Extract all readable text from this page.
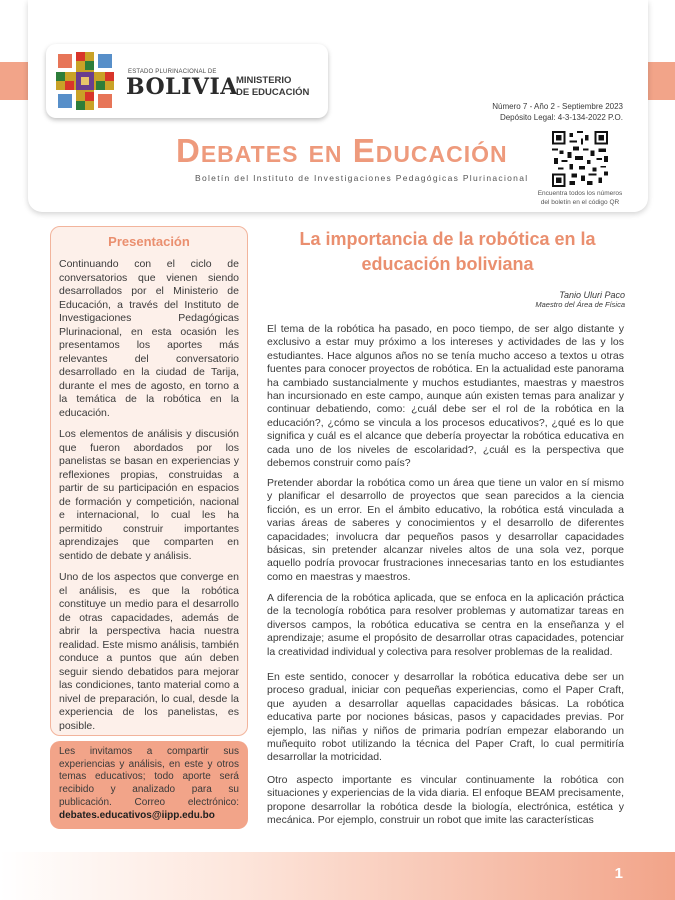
ESTADO PLURINACIONAL DE
BOLIVIA
MINISTERIO
DE EDUCACIÓN
Número 7 - Año 2 - Septiembre 2023
Depósito Legal: 4-3-134-2022 P.O.
Debates en Educación
Boletín del Instituto de Investigaciones Pedagógicas Plurinacional
Encuentra todos los números
del boletín en el código QR
Presentación

Continuando con el ciclo de conversatorios que vienen siendo desarrollados por el Ministerio de Educación, a través del Instituto de Investigaciones Pedagógicas Plurinacional, en esta ocasión les presentamos los aportes más relevantes del conversatorio desarrollado en la ciudad de Tarija, durante el mes de agosto, en torno a la temática de la robótica en la educación.

Los elementos de análisis y discusión que fueron abordados por los panelistas se basan en experiencias y reflexiones propias, construidas a partir de su participación en espacios de formación y competición, nacional e internacional, lo cual les ha permitido construir importantes aprendizajes que comparten en sentido de debate y análisis.

Uno de los aspectos que converge en el análisis, es que la robótica constituye un medio para el desarrollo de otras capacidades, además de abrir la perspectiva hacia nuestra realidad. Este mismo análisis, también conduce a puntos que aún deben seguir siendo debatidos para mejorar las condiciones, tanto material como a nivel de preparación, lo cual, desde la experiencia de los panelistas, es posible.

Les invitamos a compartir sus experiencias y análisis, en este y otros temas educativos; todo aporte será recibido y analizado para su publicación. Correo electrónico: debates.educativos@iipp.edu.bo

La importancia de la robótica en la educación boliviana
Tanio Uluri Paco
Maestro del Área de Física

El tema de la robótica ha pasado, en poco tiempo, de ser algo distante y exclusivo a estar muy próximo a los intereses y actividades de las y los estudiantes. Hace algunos años no se tenía mucho acceso a textos u otras fuentes para conocer proyectos de robótica. En la actualidad este panorama ha cambiado sustancialmente y muchos estudiantes, maestras y maestros han incursionado en este campo, aunque aún existen temas para analizar y continuar debatiendo, como: ¿cuál debe ser el rol de la robótica en la educación?, ¿cómo se vincula a los procesos educativos?, ¿qué es lo que significa y cuál es el alcance que debería proyectar la robótica educativa en cada uno de los niveles de escolaridad?, ¿cuál es la perspectiva que debemos construir como país?

Pretender abordar la robótica como un área que tiene un valor en sí mismo y planificar el desarrollo de proyectos que sean parecidos a la ciencia ficción, es un error. En el ámbito educativo, la robótica está vinculada a varias áreas de saberes y conocimientos y el desarrollo de diferentes capacidades; involucra dar pequeños pasos y desarrollar capacidades básicas, sin pretender alcanzar niveles altos de una sola vez, porque aquello podría provocar frustraciones innecesarias tanto en los estudiantes como en maestras y maestros.

A diferencia de la robótica aplicada, que se enfoca en la aplicación práctica de la tecnología robótica para resolver problemas y automatizar tareas en diversos campos, la robótica educativa se centra en la enseñanza y el aprendizaje; asume el propósito de desarrollar otras capacidades, potenciar la creatividad individual y colectiva para resolver problemas de la realidad.

En este sentido, conocer y desarrollar la robótica educativa debe ser un proceso gradual, iniciar con pequeñas experiencias, como el Paper Craft, que ayuden a desarrollar aquellas capacidades básicas. La robótica educativa parte por nociones básicas, pasos y capacidades previas. Por ejemplo, las niñas y niños de primaria podrían empezar elaborando un muñequito robot utilizando la técnica del Paper Craft, lo cual permitiría desarrollar la motricidad.

Otro aspecto importante es vincular continuamente la robótica con situaciones y experiencias de la vida diaria. El enfoque BEAM precisamente, propone desarrollar la robótica desde la biología, electrónica, estética y mecánica. Por ejemplo, construir un robot que imite las características

1
